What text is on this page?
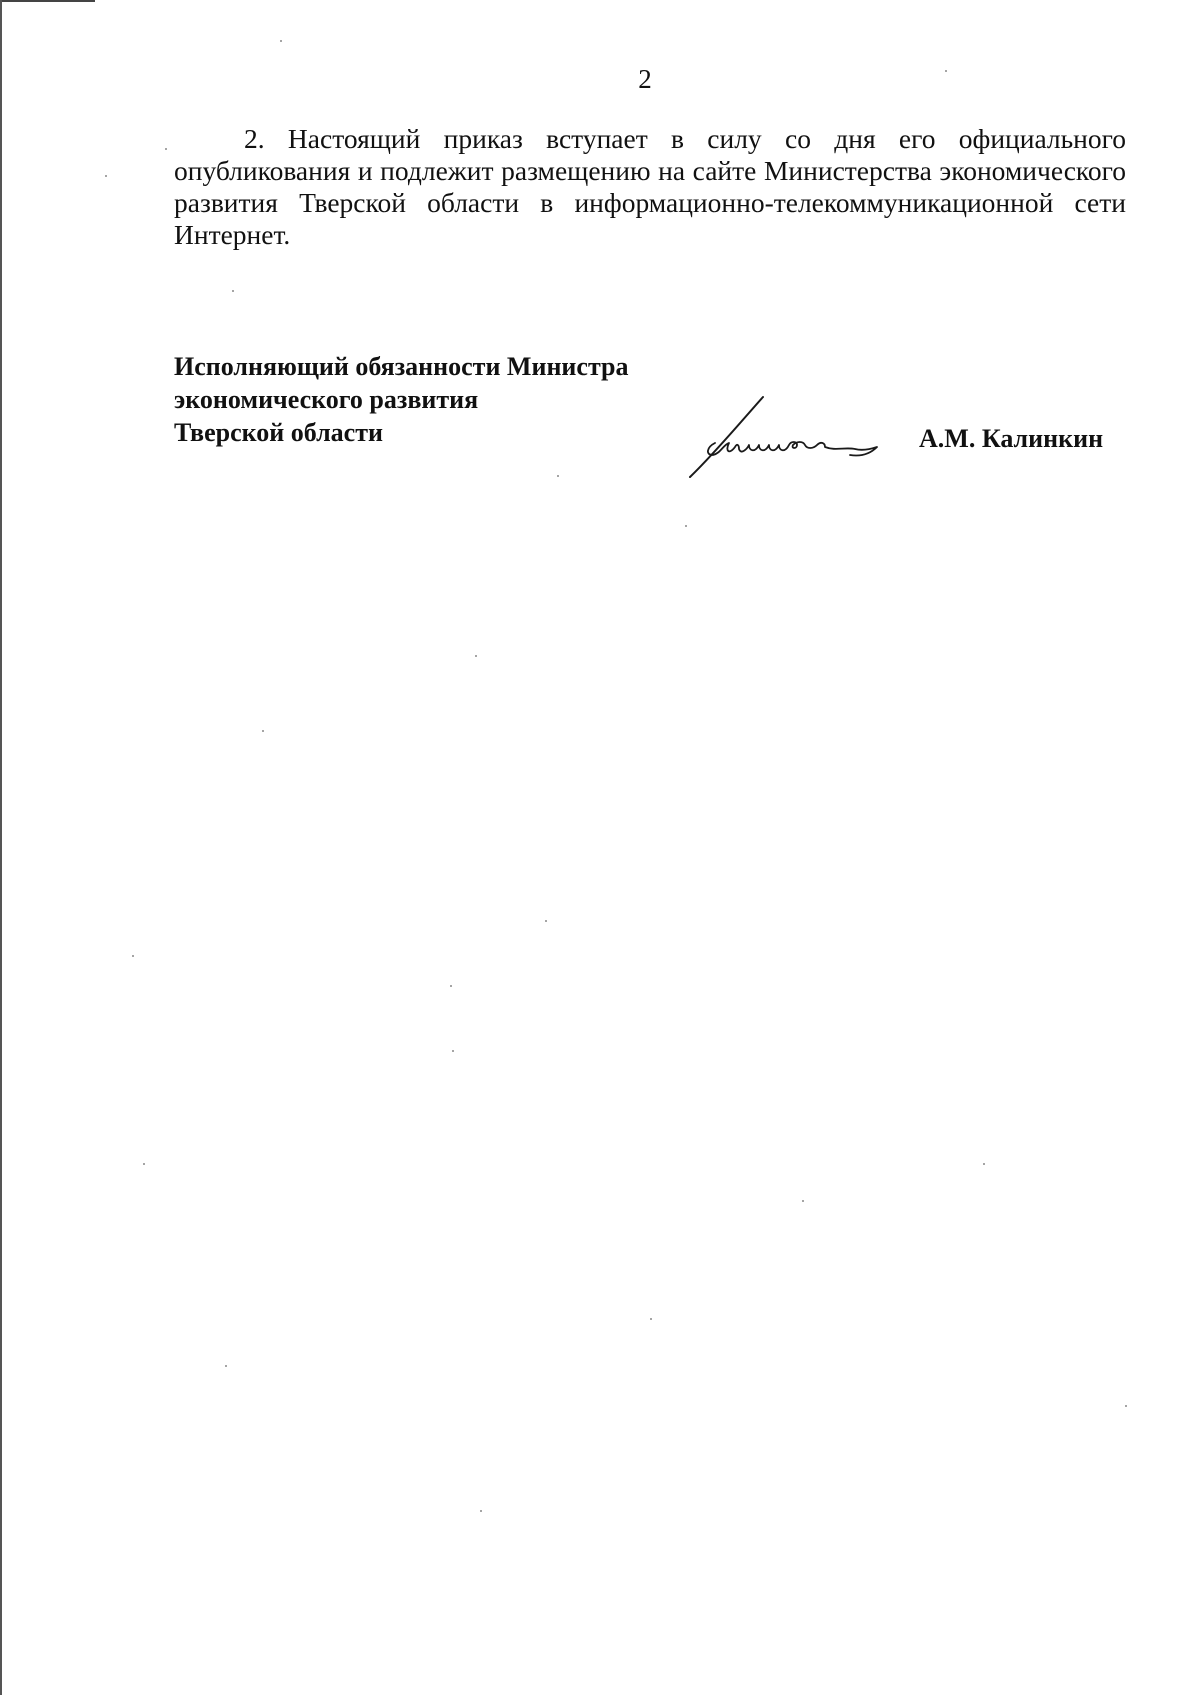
2

2. Настоящий приказ вступает в силу со дня его официального опубликования и подлежит размещению на сайте Министерства экономического развития Тверской области в информационно-телекоммуникационной сети Интернет.

Исполняющий обязанности Министра
экономического развития
Тверской области	А.М. Калинкин
